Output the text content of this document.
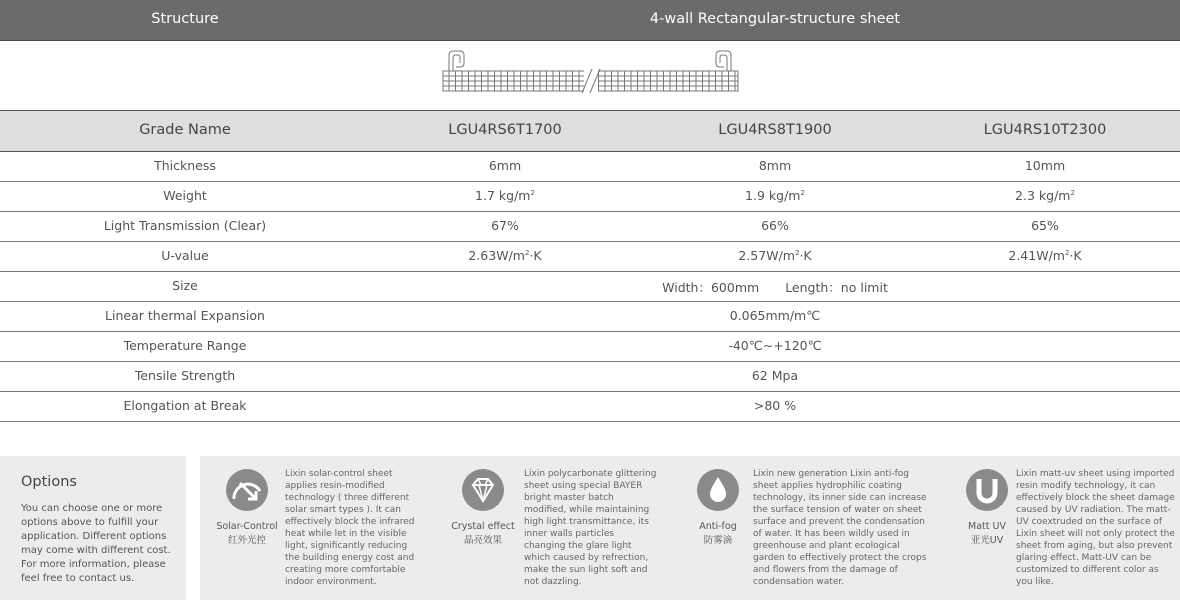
Structure	4-wall Rectangular-structure sheet
Grade Name	LGU4RS6T1700	LGU4RS8T1900	LGU4RS10T2300
Thickness	6mm	8mm	10mm
Weight	1.7 $kg/m^2$	1.9 $kg/m^2$	2.3 $kg/m^2$
Light Transmission (Clear)	67%	66%	65%
U-value	$2.63W/m^2\cdot K$	$2.57W/m^2\cdot K$	$2.41W/m^2\cdot K$
Size	Width：600mm Length：no limit
Linear thermal Expansion	0.065mm/m℃
Temperature Range	-40℃~+120℃
Tensile Strength	62 Mpa
Elongation at Break	>80 %
Options
You can choose one or more options above to fulfill your application. Different options may come with different cost. For more information, please feel free to contact us.
Solar-Control
红外光控
Lixin solar-control sheet applies resin-modified technology ( three different solar smart types ). It can effectively block the infrared heat while let in the visible light, significantly reducing the building energy cost and creating more comfortable indoor environment.
Crystal effect
晶亮效果
Lixin polycarbonate glittering sheet using special BAYER bright master batch modified, while maintaining high light transmittance, its inner walls particles changing the glare light which caused by refrection, make the sun light soft and not dazzling.
Anti-fog
防雾滴
Lixin new generation Lixin anti-fog sheet applies hydrophilic coating technology, its inner side can increase the surface tension of water on sheet surface and prevent the condensation of water. It has been wildly used in greenhouse and plant ecological garden to effectively protect the crops and flowers from the damage of condensation water.
Matt UV
亚光UV
Lixin matt-uv sheet using imported resin modify technology, it can effectively block the sheet damage caused by UV radiation. The matt-UV coextruded on the surface of Lixin sheet will not only protect the sheet from aging, but also prevent glaring effect. Matt-UV can be customized to different color as you like.
